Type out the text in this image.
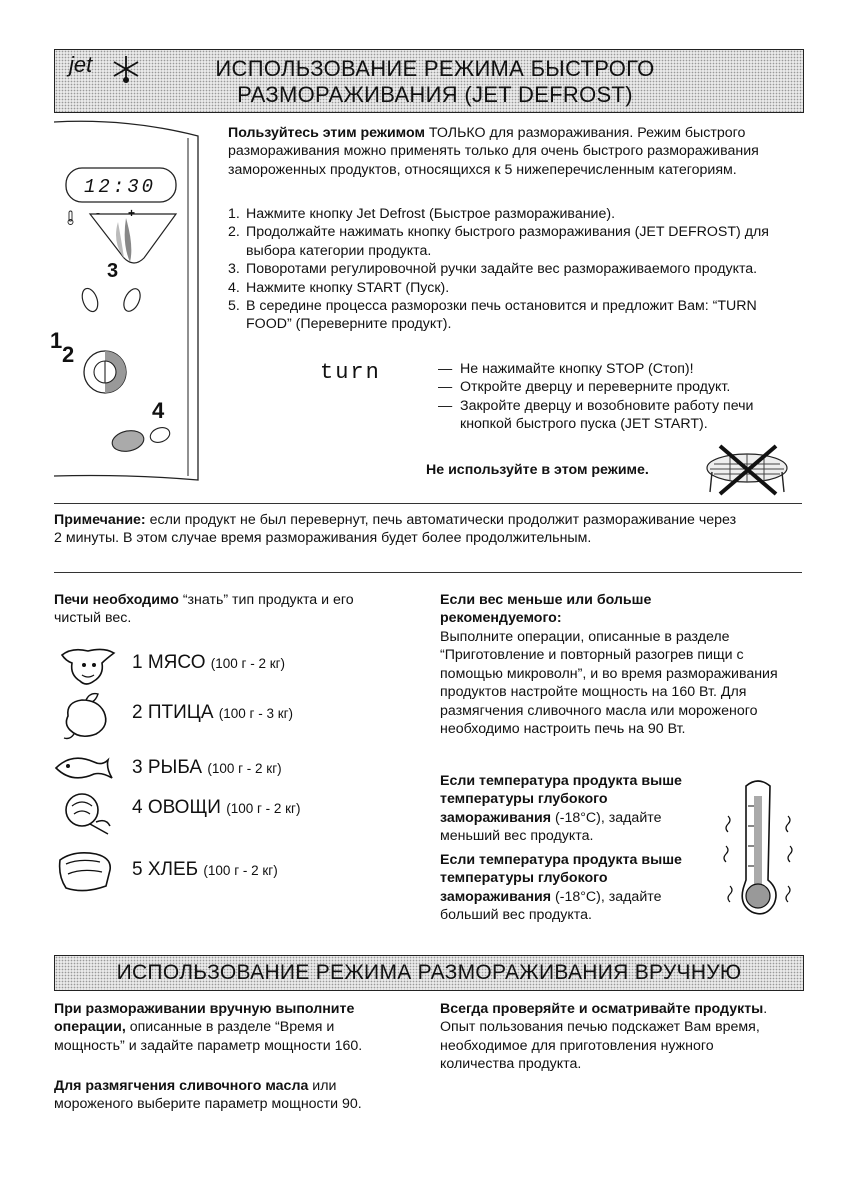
jet	ИСПОЛЬЗОВАНИЕ РЕЖИМА БЫСТРОГО
РАЗМОРАЖИВАНИЯ (JET DEFROST)
12:30
- +
3
1
2
4
Пользуйтесь этим режимом ТОЛЬКО для размораживания. Режим быстрого размораживания можно применять только для очень быстрого размораживания замороженных продуктов, относящихся к 5 нижеперечисленным категориям.
1. Нажмите кнопку Jet Defrost (Быстрое размораживание).
2. Продолжайте нажимать кнопку быстрого размораживания (JET DEFROST) для выбора категории продукта.
3. Поворотами регулировочной ручки задайте вес размораживаемого продукта.
4. Нажмите кнопку START (Пуск).
5. В середине процесса разморозки печь остановится и предложит Вам: “TURN FOOD” (Переверните продукт).
turn	— Не нажимайте кнопку STOP (Стоп)!
— Откройте дверцу и переверните продукт.
— Закройте дверцу и возобновите работу печи кнопкой быстрого пуска (JET START).
Не используйте в этом режиме.
Примечание: если продукт не был перевернут, печь автоматически продолжит размораживание через 2 минуты. В этом случае время размораживания будет более продолжительным.
Печи необходимо “знать” тип продукта и его чистый вес.
1 МЯСО (100 г - 2 кг)
2 ПТИЦА (100 г - 3 кг)
3 РЫБА (100 г - 2 кг)
4 ОВОЩИ (100 г - 2 кг)
5 ХЛЕБ (100 г - 2 кг)
Если вес меньше или больше рекомендуемого:
Выполните операции, описанные в разделе “Приготовление и повторный разогрев пищи с помощью микроволн”, и во время размораживания продуктов настройте мощность на 160 Вт. Для размягчения сливочного масла или мороженого необходимо настроить печь на 90 Вт.
Если температура продукта выше температуры глубокого замораживания (-18°C), задайте меньший вес продукта.
Если температура продукта выше температуры глубокого замораживания (-18°C), задайте больший вес продукта.
ИСПОЛЬЗОВАНИЕ РЕЖИМА РАЗМОРАЖИВАНИЯ ВРУЧНУЮ
При размораживании вручную выполните операции, описанные в разделе “Время и мощность” и задайте параметр мощности 160.
Для размягчения сливочного масла или мороженого выберите параметр мощности 90.
Всегда проверяйте и осматривайте продукты. Опыт пользования печью подскажет Вам время, необходимое для приготовления нужного количества продукта.
